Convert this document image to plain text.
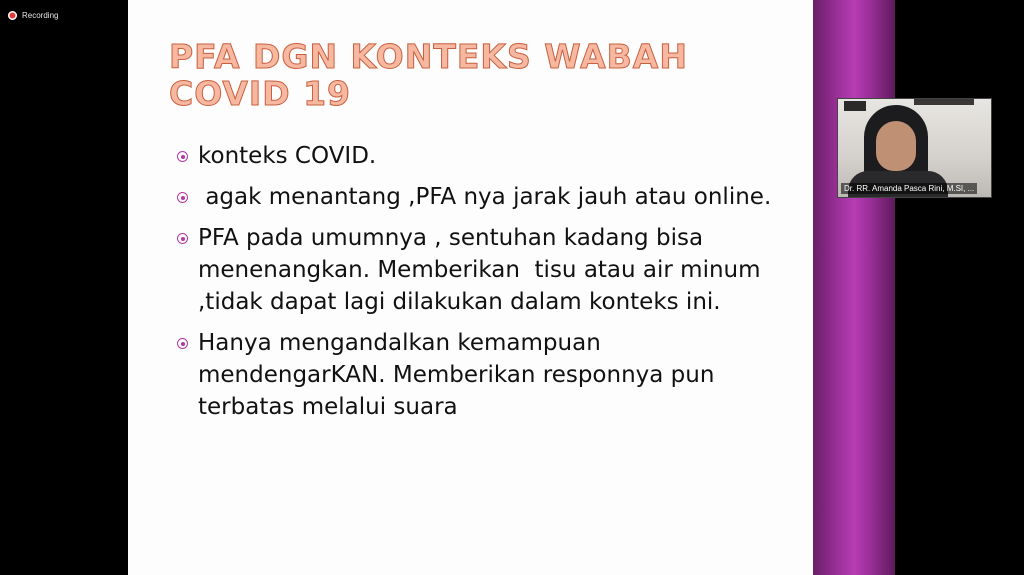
Recording
PFA DGN KONTEKS WABAH COVID 19
konteks COVID.
agak menantang ,PFA nya jarak jauh atau online.
PFA pada umumnya , sentuhan kadang bisa menenangkan. Memberikan  tisu atau air minum ,tidak dapat lagi dilakukan dalam konteks ini.
Hanya mengandalkan kemampuan mendengarKAN. Memberikan responnya pun terbatas melalui suara
Dr. RR. Amanda Pasca Rini, M.SI, ...
